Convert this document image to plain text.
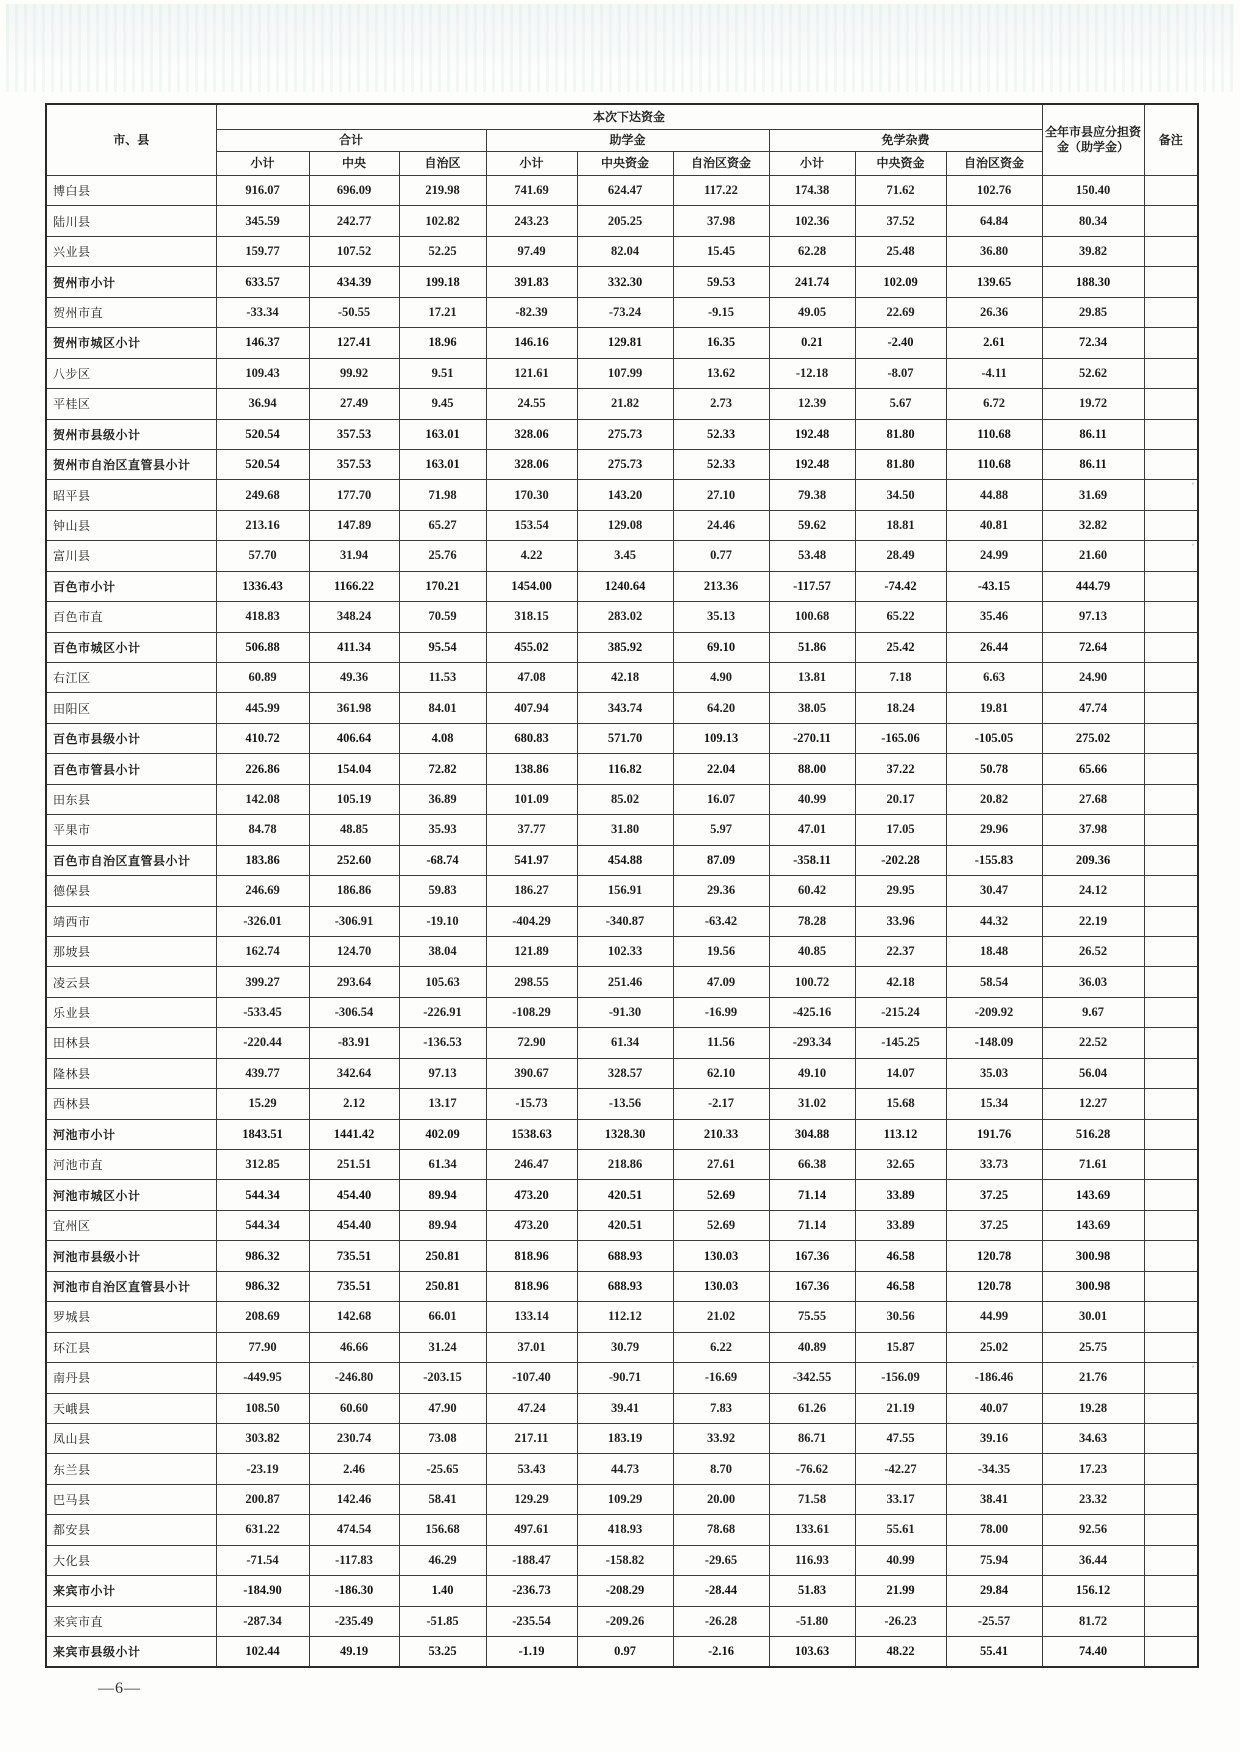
市、县	本次下达资金									全年市县应分担资金（助学金）	备注
	合计			助学金			免学杂费				
	小计	中央	自治区	小计	中央资金	自治区资金	小计	中央资金	自治区资金		
博白县	916.07	696.09	219.98	741.69	624.47	117.22	174.38	71.62	102.76	150.40	
陆川县	345.59	242.77	102.82	243.23	205.25	37.98	102.36	37.52	64.84	80.34	
兴业县	159.77	107.52	52.25	97.49	82.04	15.45	62.28	25.48	36.80	39.82	
贺州市小计	633.57	434.39	199.18	391.83	332.30	59.53	241.74	102.09	139.65	188.30	
贺州市直	-33.34	-50.55	17.21	-82.39	-73.24	-9.15	49.05	22.69	26.36	29.85	
贺州市城区小计	146.37	127.41	18.96	146.16	129.81	16.35	0.21	-2.40	2.61	72.34	
八步区	109.43	99.92	9.51	121.61	107.99	13.62	-12.18	-8.07	-4.11	52.62	
平桂区	36.94	27.49	9.45	24.55	21.82	2.73	12.39	5.67	6.72	19.72	
贺州市县级小计	520.54	357.53	163.01	328.06	275.73	52.33	192.48	81.80	110.68	86.11	
贺州市自治区直管县小计	520.54	357.53	163.01	328.06	275.73	52.33	192.48	81.80	110.68	86.11	
昭平县	249.68	177.70	71.98	170.30	143.20	27.10	79.38	34.50	44.88	31.69	ʹ
钟山县	213.16	147.89	65.27	153.54	129.08	24.46	59.62	18.81	40.81	32.82	
富川县	57.70	31.94	25.76	4.22	3.45	0.77	53.48	28.49	24.99	21.60	ʹ
百色市小计	1336.43	1166.22	170.21	1454.00	1240.64	213.36	-117.57	-74.42	-43.15	444.79	
百色市直	418.83	348.24	70.59	318.15	283.02	35.13	100.68	65.22	35.46	97.13	
百色市城区小计	506.88	411.34	95.54	455.02	385.92	69.10	51.86	25.42	26.44	72.64	
右江区	60.89	49.36	11.53	47.08	42.18	4.90	13.81	7.18	6.63	24.90	
田阳区	445.99	361.98	84.01	407.94	343.74	64.20	38.05	18.24	19.81	47.74	
百色市县级小计	410.72	406.64	4.08	680.83	571.70	109.13	-270.11	-165.06	-105.05	275.02	
百色市管县小计	226.86	154.04	72.82	138.86	116.82	22.04	88.00	37.22	50.78	65.66	
田东县	142.08	105.19	36.89	101.09	85.02	16.07	40.99	20.17	20.82	27.68	
平果市	84.78	48.85	35.93	37.77	31.80	5.97	47.01	17.05	29.96	37.98	
百色市自治区直管县小计	183.86	252.60	-68.74	541.97	454.88	87.09	-358.11	-202.28	-155.83	209.36	
德保县	246.69	186.86	59.83	186.27	156.91	29.36	60.42	29.95	30.47	24.12	
靖西市	-326.01	-306.91	-19.10	-404.29	-340.87	-63.42	78.28	33.96	44.32	22.19	
那坡县	162.74	124.70	38.04	121.89	102.33	19.56	40.85	22.37	18.48	26.52	
凌云县	399.27	293.64	105.63	298.55	251.46	47.09	100.72	42.18	58.54	36.03	
乐业县	-533.45	-306.54	-226.91	-108.29	-91.30	-16.99	-425.16	-215.24	-209.92	9.67	
田林县	-220.44	-83.91	-136.53	72.90	61.34	11.56	-293.34	-145.25	-148.09	22.52	
隆林县	439.77	342.64	97.13	390.67	328.57	62.10	49.10	14.07	35.03	56.04	
西林县	15.29	2.12	13.17	-15.73	-13.56	-2.17	31.02	15.68	15.34	12.27	
河池市小计	1843.51	1441.42	402.09	1538.63	1328.30	210.33	304.88	113.12	191.76	516.28	
河池市直	312.85	251.51	61.34	246.47	218.86	27.61	66.38	32.65	33.73	71.61	
河池市城区小计	544.34	454.40	89.94	473.20	420.51	52.69	71.14	33.89	37.25	143.69	
宜州区	544.34	454.40	89.94	473.20	420.51	52.69	71.14	33.89	37.25	143.69	
河池市县级小计	986.32	735.51	250.81	818.96	688.93	130.03	167.36	46.58	120.78	300.98	
河池市自治区直管县小计	986.32	735.51	250.81	818.96	688.93	130.03	167.36	46.58	120.78	300.98	
罗城县	208.69	142.68	66.01	133.14	112.12	21.02	75.55	30.56	44.99	30.01	
环江县	77.90	46.66	31.24	37.01	30.79	6.22	40.89	15.87	25.02	25.75	
南丹县	-449.95	-246.80	-203.15	-107.40	-90.71	-16.69	-342.55	-156.09	-186.46	21.76	ʹ
天峨县	108.50	60.60	47.90	47.24	39.41	7.83	61.26	21.19	40.07	19.28	
凤山县	303.82	230.74	73.08	217.11	183.19	33.92	86.71	47.55	39.16	34.63	
东兰县	-23.19	2.46	-25.65	53.43	44.73	8.70	-76.62	-42.27	-34.35	17.23	
巴马县	200.87	142.46	58.41	129.29	109.29	20.00	71.58	33.17	38.41	23.32	
都安县	631.22	474.54	156.68	497.61	418.93	78.68	133.61	55.61	78.00	92.56	
大化县	-71.54	-117.83	46.29	-188.47	-158.82	-29.65	116.93	40.99	75.94	36.44	
来宾市小计	-184.90	-186.30	1.40	-236.73	-208.29	-28.44	51.83	21.99	29.84	156.12	
来宾市直	-287.34	-235.49	-51.85	-235.54	-209.26	-26.28	-51.80	-26.23	-25.57	81.72	
来宾市县级小计	102.44	49.19	53.25	-1.19	0.97	-2.16	103.63	48.22	55.41	74.40	
—6—
